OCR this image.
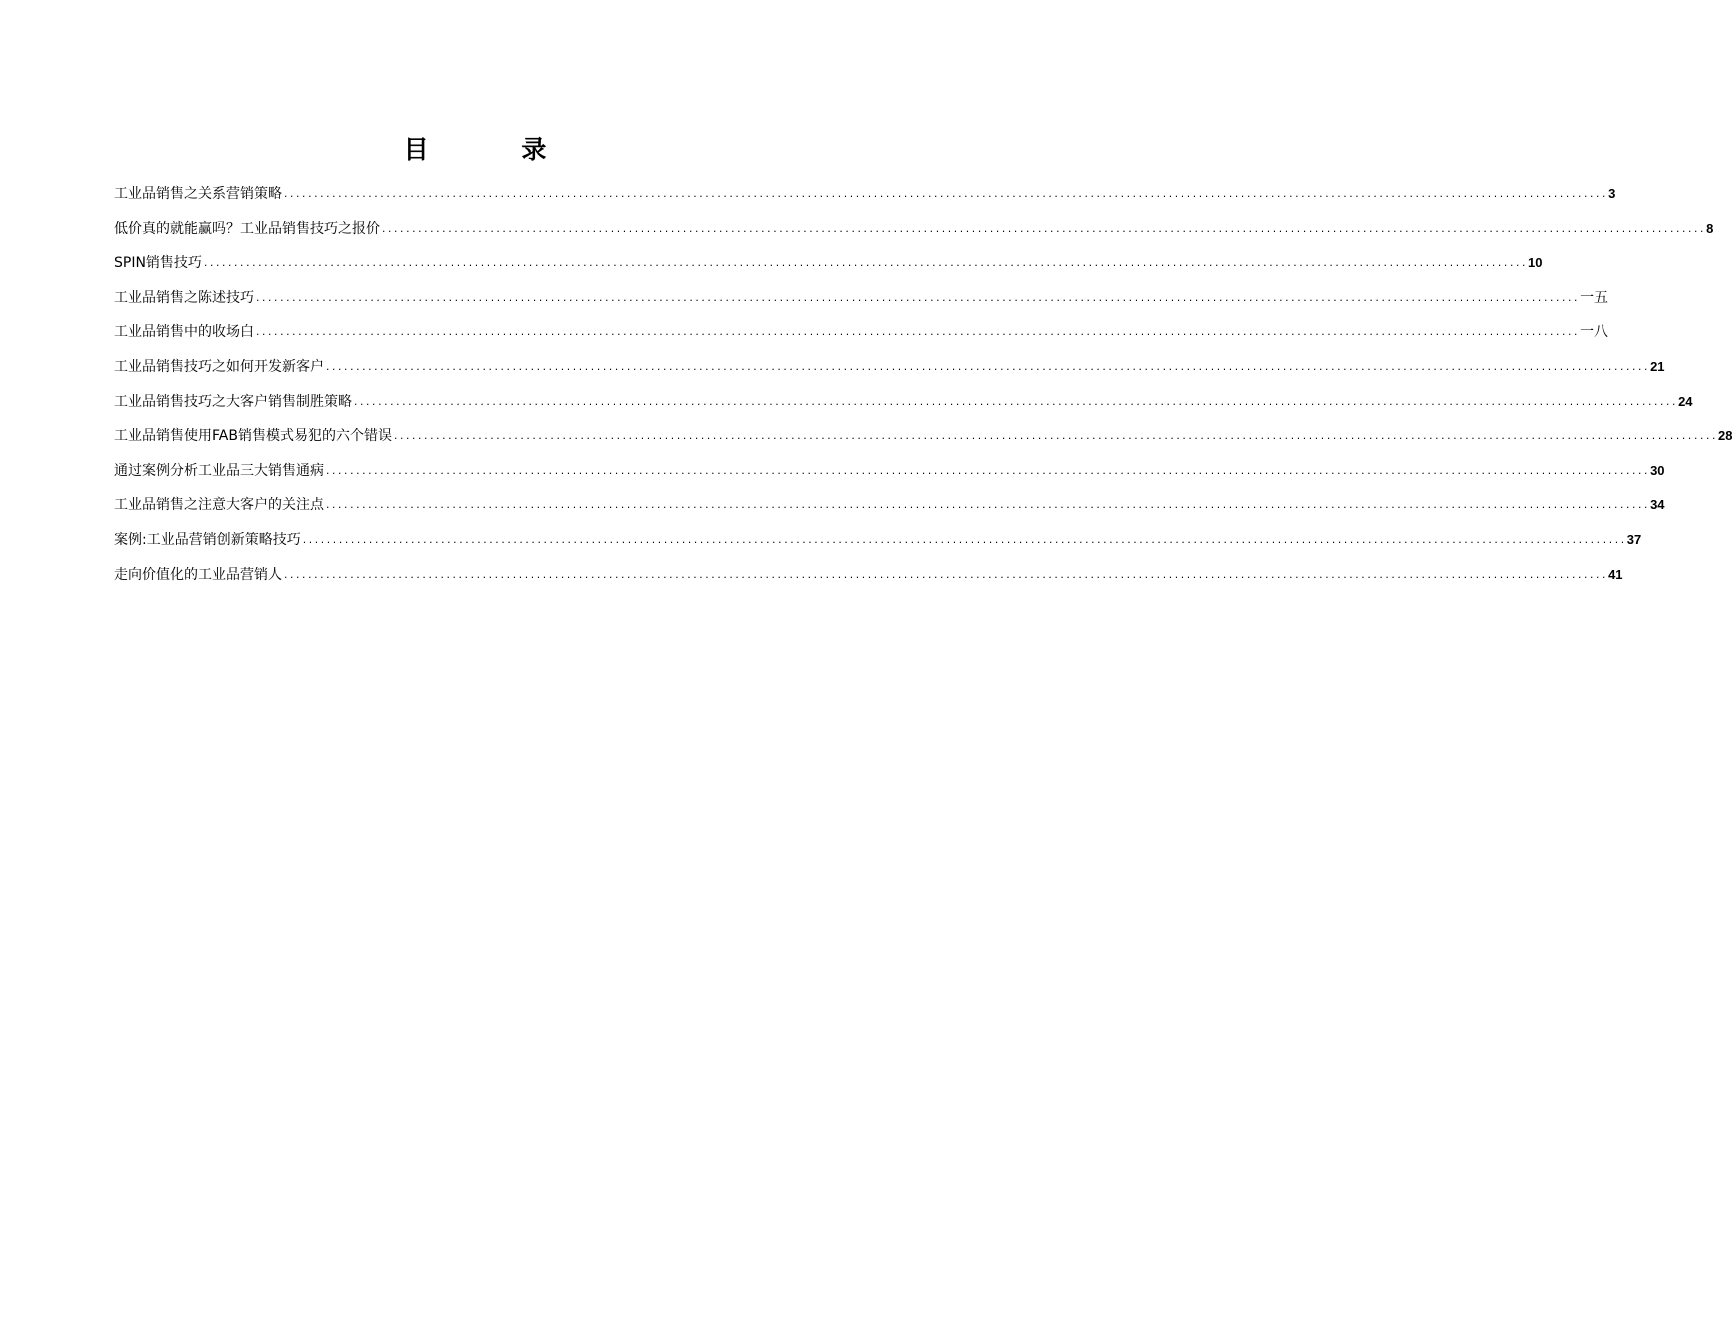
目 录
工业品销售之关系营销策略 ............................................................................................................................................................................................................................ 3
低价真的就能赢吗？工业品销售技巧之报价 ............................................................................................................................................................................................................................ 8
SPIN销售技巧 ............................................................................................................................................................................................................................ 10
工业品销售之陈述技巧 ............................................................................................................................................................................................................................ 一五
工业品销售中的收场白 ............................................................................................................................................................................................................................ 一八
工业品销售技巧之如何开发新客户 ............................................................................................................................................................................................................................ 21
工业品销售技巧之大客户销售制胜策略 ............................................................................................................................................................................................................................ 24
工业品销售使用FAB销售模式易犯的六个错误 ............................................................................................................................................................................................................................ 28
通过案例分析工业品三大销售通病 ............................................................................................................................................................................................................................ 30
工业品销售之注意大客户的关注点 ............................................................................................................................................................................................................................ 34
案例:工业品营销创新策略技巧 ............................................................................................................................................................................................................................ 37
走向价值化的工业品营销人 ............................................................................................................................................................................................................................ 41
